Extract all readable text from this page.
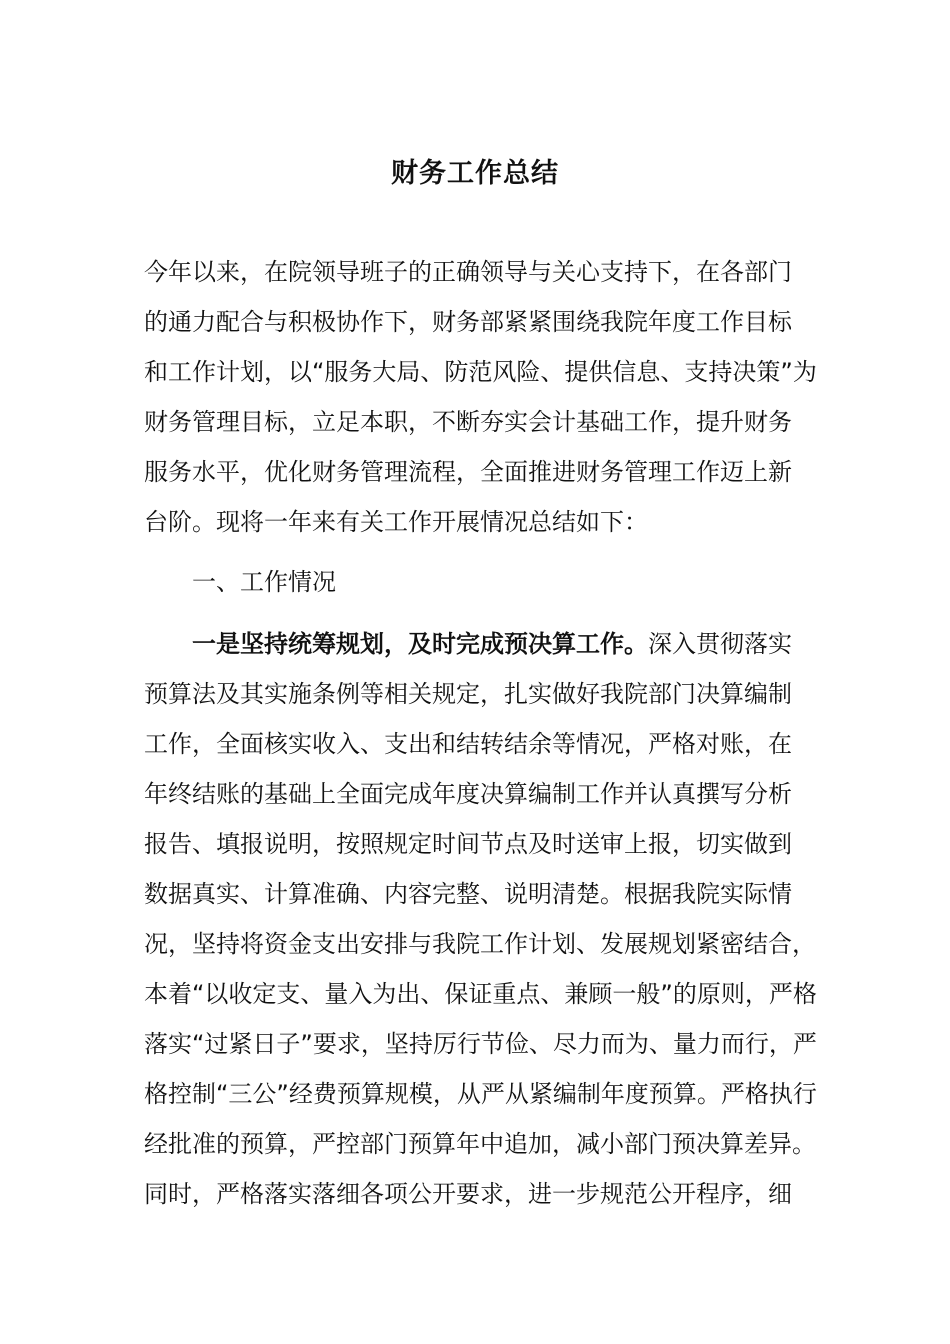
财务工作总结
今年以来，在院领导班子的正确领导与关心支持下，在各部门
的通力配合与积极协作下，财务部紧紧围绕我院年度工作目标
和工作计划，以“服务大局、防范风险、提供信息、支持决策”为
财务管理目标，立足本职，不断夯实会计基础工作，提升财务
服务水平，优化财务管理流程，全面推进财务管理工作迈上新
台阶。现将一年来有关工作开展情况总结如下：
一、工作情况
一是坚持统筹规划，及时完成预决算工作。深入贯彻落实
预算法及其实施条例等相关规定，扎实做好我院部门决算编制
工作，全面核实收入、支出和结转结余等情况，严格对账，在
年终结账的基础上全面完成年度决算编制工作并认真撰写分析
报告、填报说明，按照规定时间节点及时送审上报，切实做到
数据真实、计算准确、内容完整、说明清楚。根据我院实际情
况，坚持将资金支出安排与我院工作计划、发展规划紧密结合，
本着“以收定支、量入为出、保证重点、兼顾一般”的原则，严格
落实“过紧日子”要求，坚持厉行节俭、尽力而为、量力而行，严
格控制“三公”经费预算规模，从严从紧编制年度预算。严格执行
经批准的预算，严控部门预算年中追加，减小部门预决算差异。
同时，严格落实落细各项公开要求，进一步规范公开程序，细
